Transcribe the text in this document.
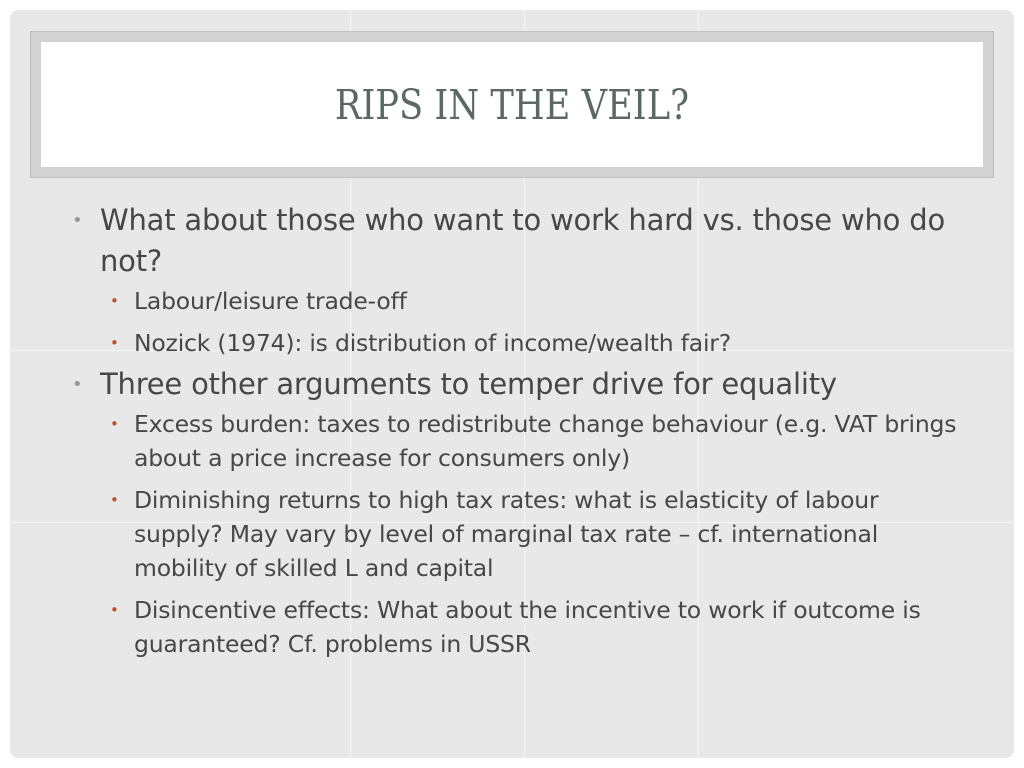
RIPS IN THE VEIL?
• What about those who want to work hard vs. those who do not?
• Labour/leisure trade-off
• Nozick (1974): is distribution of income/wealth fair?
• Three other arguments to temper drive for equality
• Excess burden: taxes to redistribute change behaviour (e.g. VAT brings about a price increase for consumers only)
• Diminishing returns to high tax rates: what is elasticity of labour supply? May vary by level of marginal tax rate – cf. international mobility of skilled L and capital
• Disincentive effects: What about the incentive to work if outcome is guaranteed? Cf. problems in USSR
